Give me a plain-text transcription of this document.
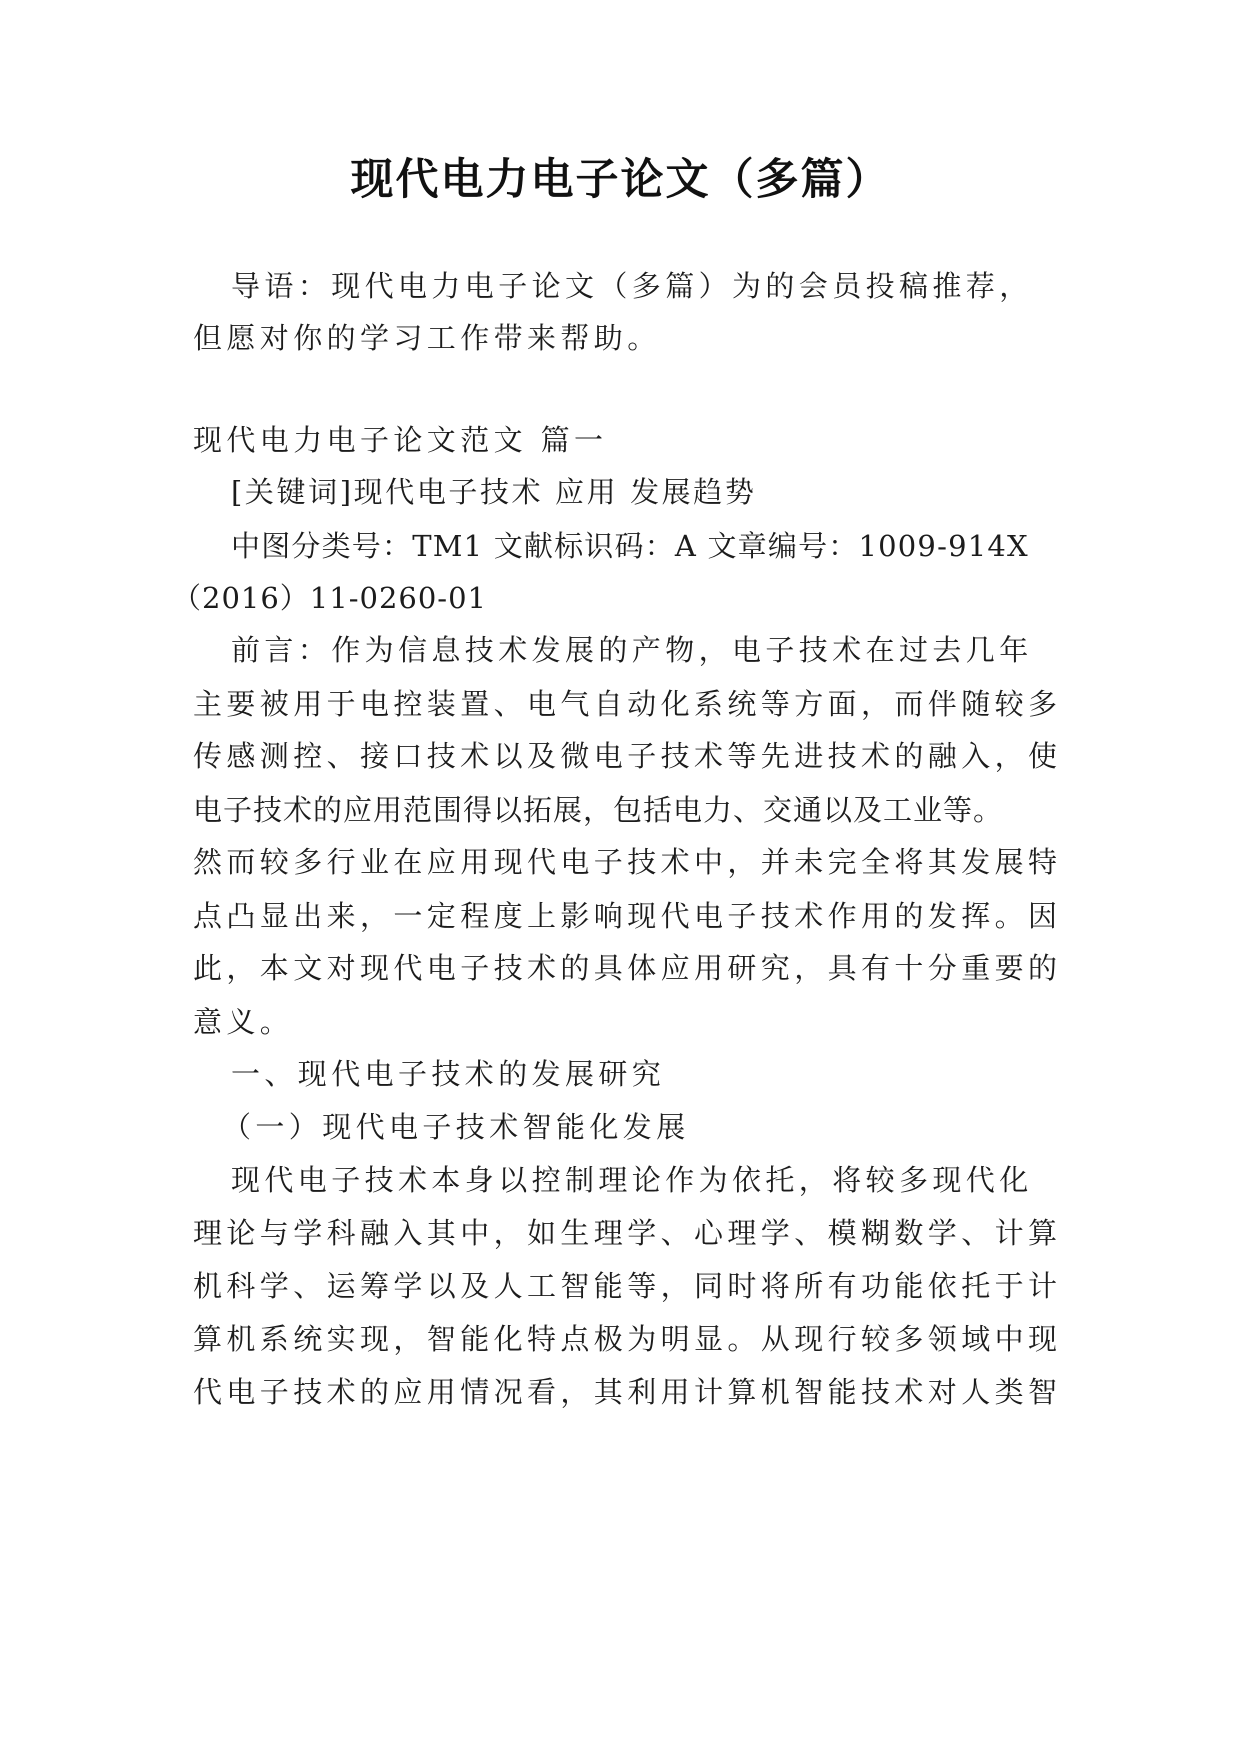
现代电力电子论文（多篇）

导语：现代电力电子论文（多篇）为的会员投稿推荐，

但愿对你的学习工作带来帮助。

现代电力电子论文范文 篇一

[关键词]现代电子技术 应用 发展趋势

中图分类号：TM1 文献标识码：A 文章编号：1009-914X

（2016）11-0260-01

前言：作为信息技术发展的产物，电子技术在过去几年

主要被用于电控装置、电气自动化系统等方面，而伴随较多

传感测控、接口技术以及微电子技术等先进技术的融入，使

电子技术的应用范围得以拓展，包括电力、交通以及工业等。

然而较多行业在应用现代电子技术中，并未完全将其发展特

点凸显出来，一定程度上影响现代电子技术作用的发挥。因

此，本文对现代电子技术的具体应用研究，具有十分重要的

意义。

一、现代电子技术的发展研究

（一）现代电子技术智能化发展

现代电子技术本身以控制理论作为依托，将较多现代化

理论与学科融入其中，如生理学、心理学、模糊数学、计算

机科学、运筹学以及人工智能等，同时将所有功能依托于计

算机系统实现，智能化特点极为明显。从现行较多领域中现

代电子技术的应用情况看，其利用计算机智能技术对人类智
